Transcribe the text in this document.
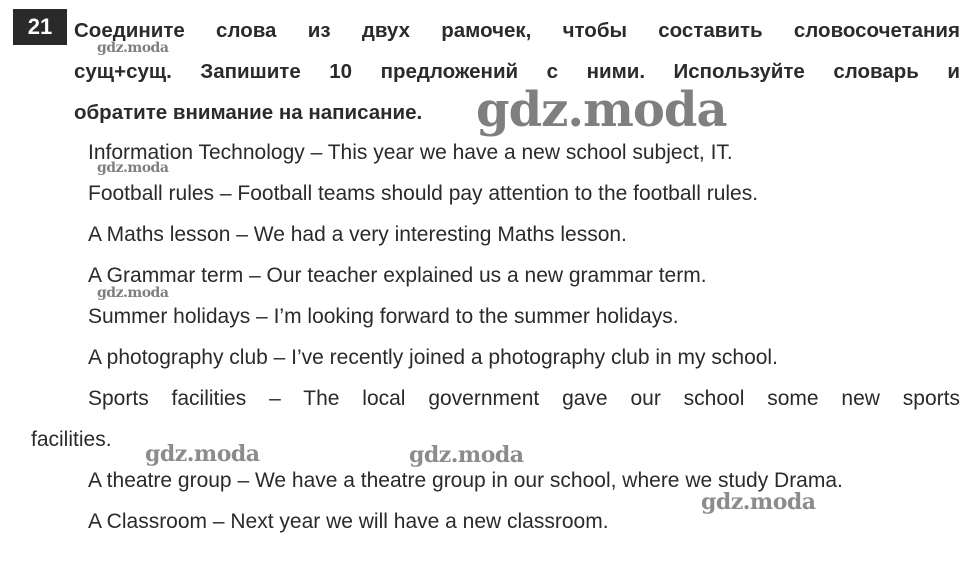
21	Соедините слова из двух рамочек, чтобы составить словосочетания
сущ+сущ. Запишите 10 предложений с ними. Используйте словарь и
обратите внимание на написание.
Information Technology – This year we have a new school subject, IT.
Football rules – Football teams should pay attention to the football rules.
A Maths lesson – We had a very interesting Maths lesson.
A Grammar term – Our teacher explained us a new grammar term.
Summer holidays – I’m looking forward to the summer holidays.
A photography club – I’ve recently joined a photography club in my school.
Sports facilities – The local government gave our school some new sports
facilities.
A theatre group – We have a theatre group in our school, where we study Drama.
A Classroom – Next year we will have a new classroom.
gdz.moda
gdz.moda
gdz.moda
gdz.moda
gdz.moda	gdz.moda
gdz.moda
